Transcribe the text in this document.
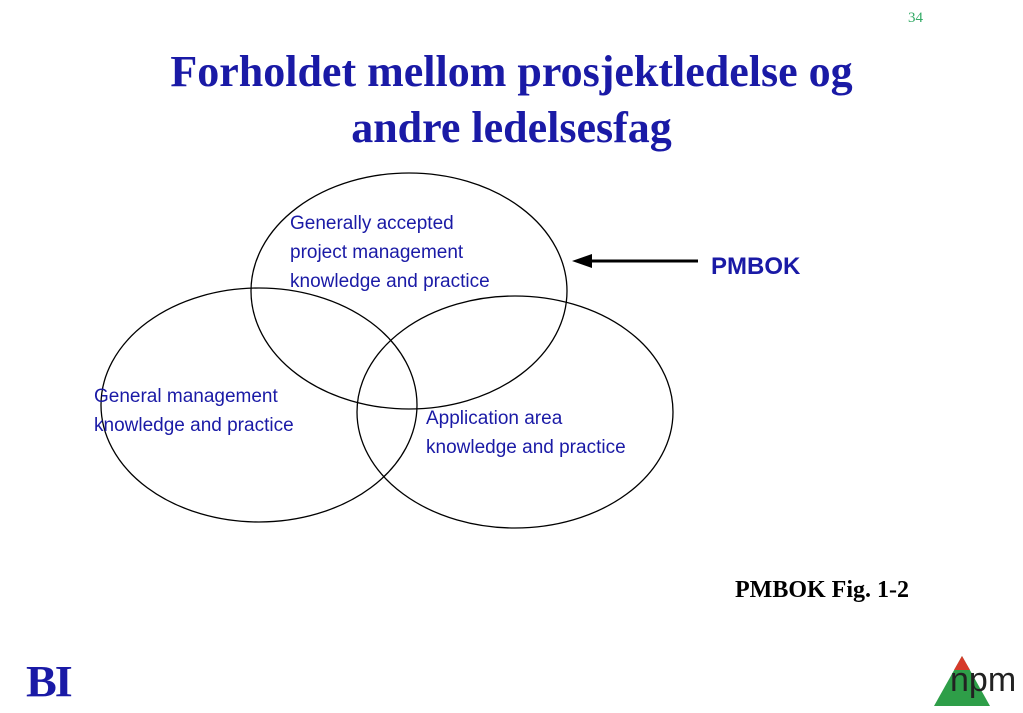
34
Forholdet mellom prosjektledelse og
andre ledelsesfag
Generally accepted
project management
knowledge and practice
General management
knowledge and practice	Application area
knowledge and practice
PMBOK
PMBOK Fig. 1-2
BI	npm
